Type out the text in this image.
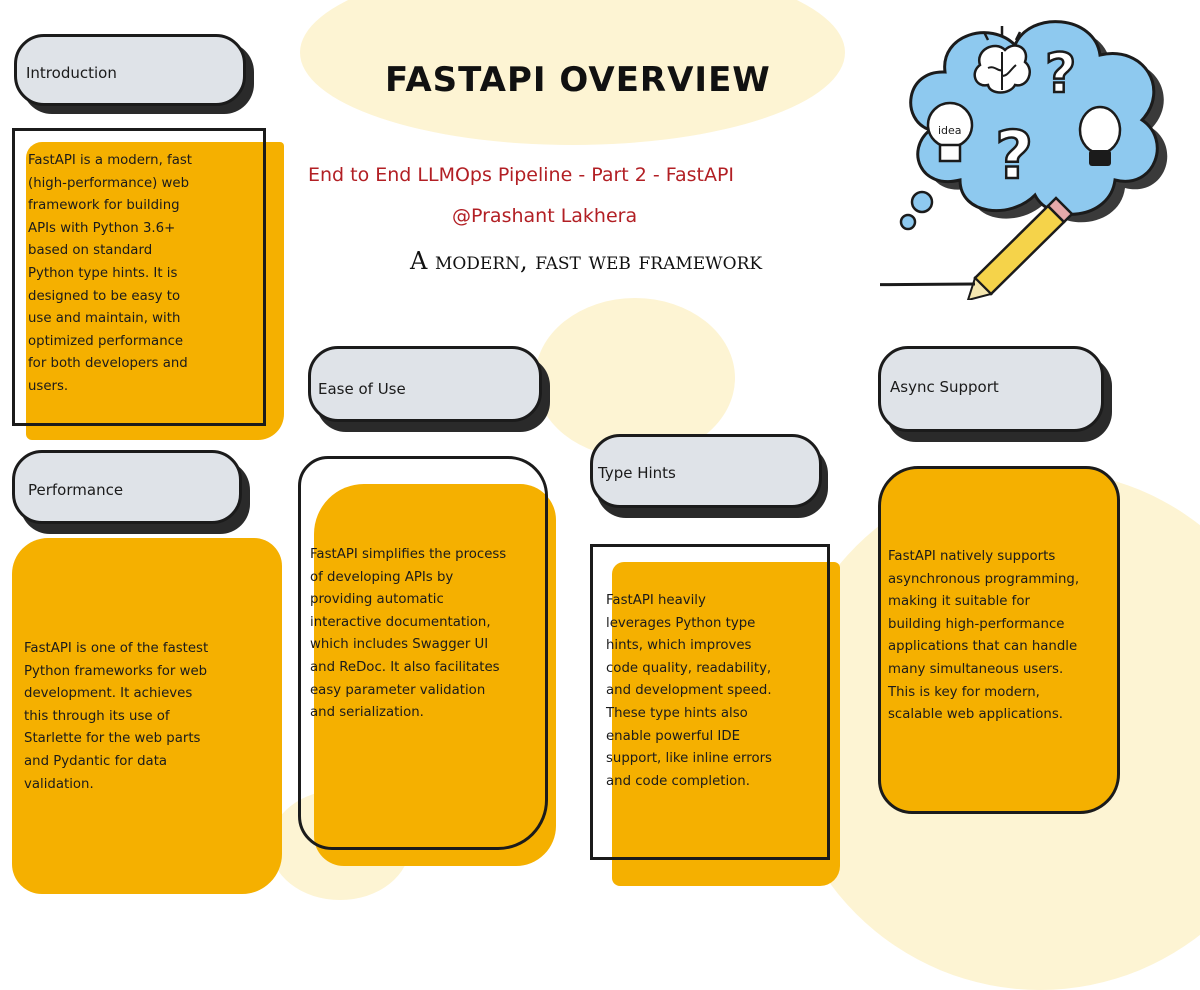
FASTAPI OVERVIEW
End to End LLMOps Pipeline - Part 2 - FastAPI
@Prashant Lakhera
A modern, fast web framework
?
idea ?
Introduction
FastAPI is a modern, fast
(high-performance) web
framework for building
APIs with Python 3.6+
based on standard
Python type hints. It is
designed to be easy to
use and maintain, with
optimized performance
for both developers and
users.
Performance
FastAPI is one of the fastest
Python frameworks for web
development. It achieves
this through its use of
Starlette for the web parts
and Pydantic for data
validation.
Ease of Use
FastAPI simplifies the process
of developing APIs by
providing automatic
interactive documentation,
which includes Swagger UI
and ReDoc. It also facilitates
easy parameter validation
and serialization.
Type Hints
FastAPI heavily
leverages Python type
hints, which improves
code quality, readability,
and development speed.
These type hints also
enable powerful IDE
support, like inline errors
and code completion.
Async Support
FastAPI natively supports
asynchronous programming,
making it suitable for
building high-performance
applications that can handle
many simultaneous users.
This is key for modern,
scalable web applications.
